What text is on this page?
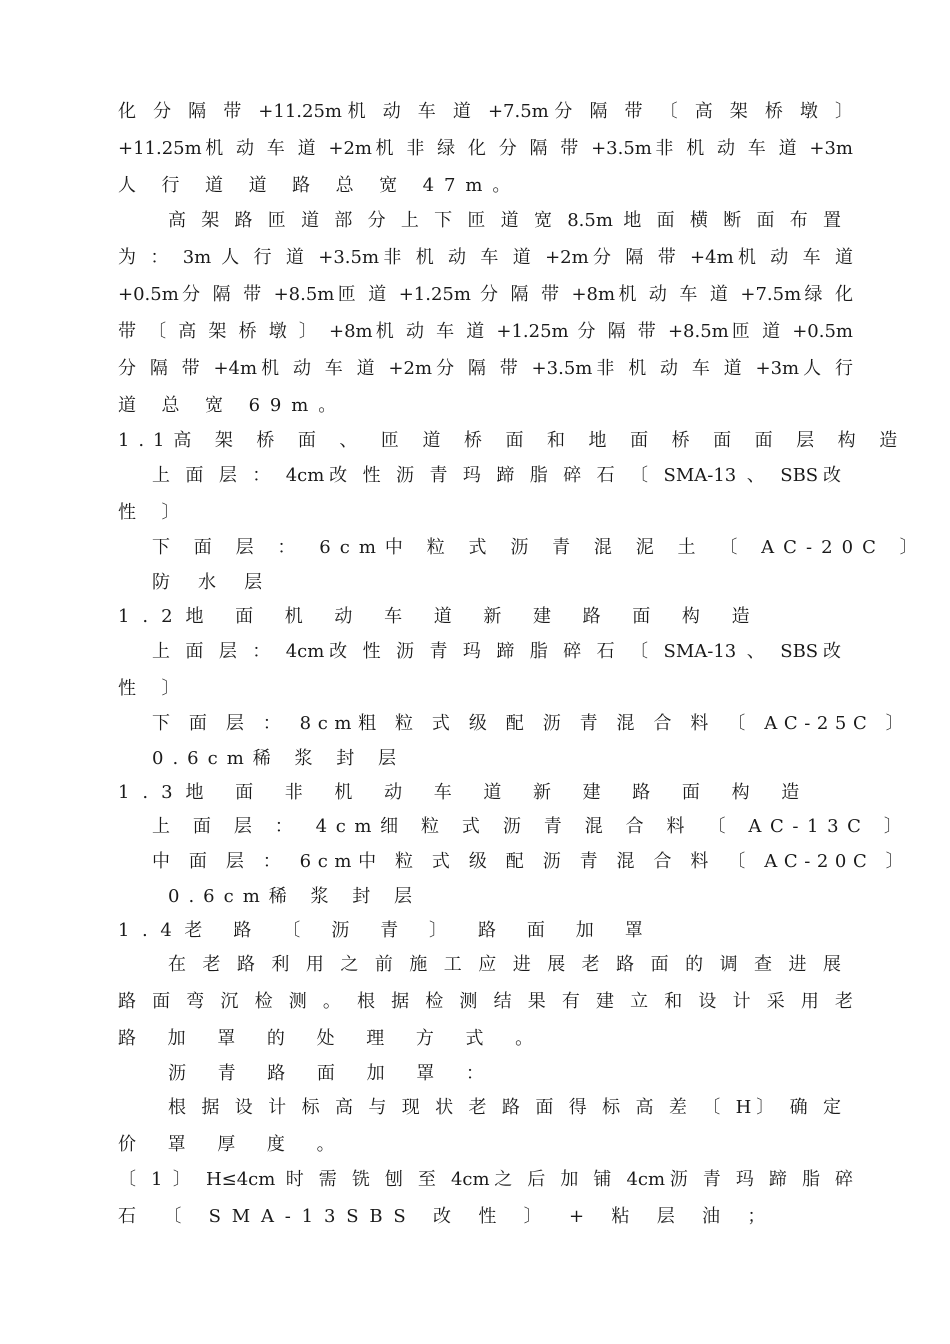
化 分 隔 带 +11.25m机 动 车 道 +7.5m分 隔 带 〔 高 架 桥 墩 〕
+11.25m机 动 车 道 +2m机 非 绿 化 分 隔 带 +3.5m非 机 动 车 道 +3m
人 行 道 道 路 总 宽 47m。
高 架 路 匝 道 部 分 上 下 匝 道 宽 8.5m 地 面 横 断 面 布 置
为 ： 3m 人 行 道 +3.5m非 机 动 车 道 +2m分 隔 带 +4m机 动 车 道
+0.5m分 隔 带 +8.5m匝 道 +1.25m 分 隔 带 +8m机 动 车 道 +7.5m绿 化
带 〔 高 架 桥 墩 〕 +8m机 动 车 道 +1.25m 分 隔 带 +8.5m匝 道 +0.5m
分 隔 带 +4m机 动 车 道 +2m分 隔 带 +3.5m非 机 动 车 道 +3m人 行
道 总 宽 69m。
1.1高 架 桥 面 、 匝 道 桥 面 和 地 面 桥 面 面 层 构 造
上 面 层 ： 4cm改 性 沥 青 玛 蹄 脂 碎 石 〔 SMA-13 、 SBS改
性 〕
下 面 层 ： 6cm中 粒 式 沥 青 混 泥 土 〔 AC-20C 〕
防 水 层
1.2地 面 机 动 车 道 新 建 路 面 构 造
上 面 层 ： 4cm改 性 沥 青 玛 蹄 脂 碎 石 〔 SMA-13 、 SBS改
性 〕
下 面 层 ： 8cm粗 粒 式 级 配 沥 青 混 合 料 〔 AC-25C 〕
0.6cm稀 浆 封 层
1.3地 面 非 机 动 车 道 新 建 路 面 构 造
上 面 层 ： 4cm细 粒 式 沥 青 混 合 料 〔 AC-13C 〕
中 面 层 ： 6cm中 粒 式 级 配 沥 青 混 合 料 〔 AC-20C 〕
0.6cm稀 浆 封 层
1.4老 路 〔 沥 青 〕 路 面 加 罩
在 老 路 利 用 之 前 施 工 应 进 展 老 路 面 的 调 查 进 展
路 面 弯 沉 检 测 。 根 据 检 测 结 果 有 建 立 和 设 计 采 用 老
路 加 罩 的 处 理 方 式 。
沥 青 路 面 加 罩 ：
根 据 设 计 标 高 与 现 状 老 路 面 得 标 高 差 〔 H〕 确 定
价 罩 厚 度 。
〔 1 〕 H≤4cm 时 需 铣 刨 至 4cm之 后 加 铺 4cm沥 青 玛 蹄 脂 碎
石 〔 SMA-13SBS 改 性 〕 + 粘 层 油 ；
